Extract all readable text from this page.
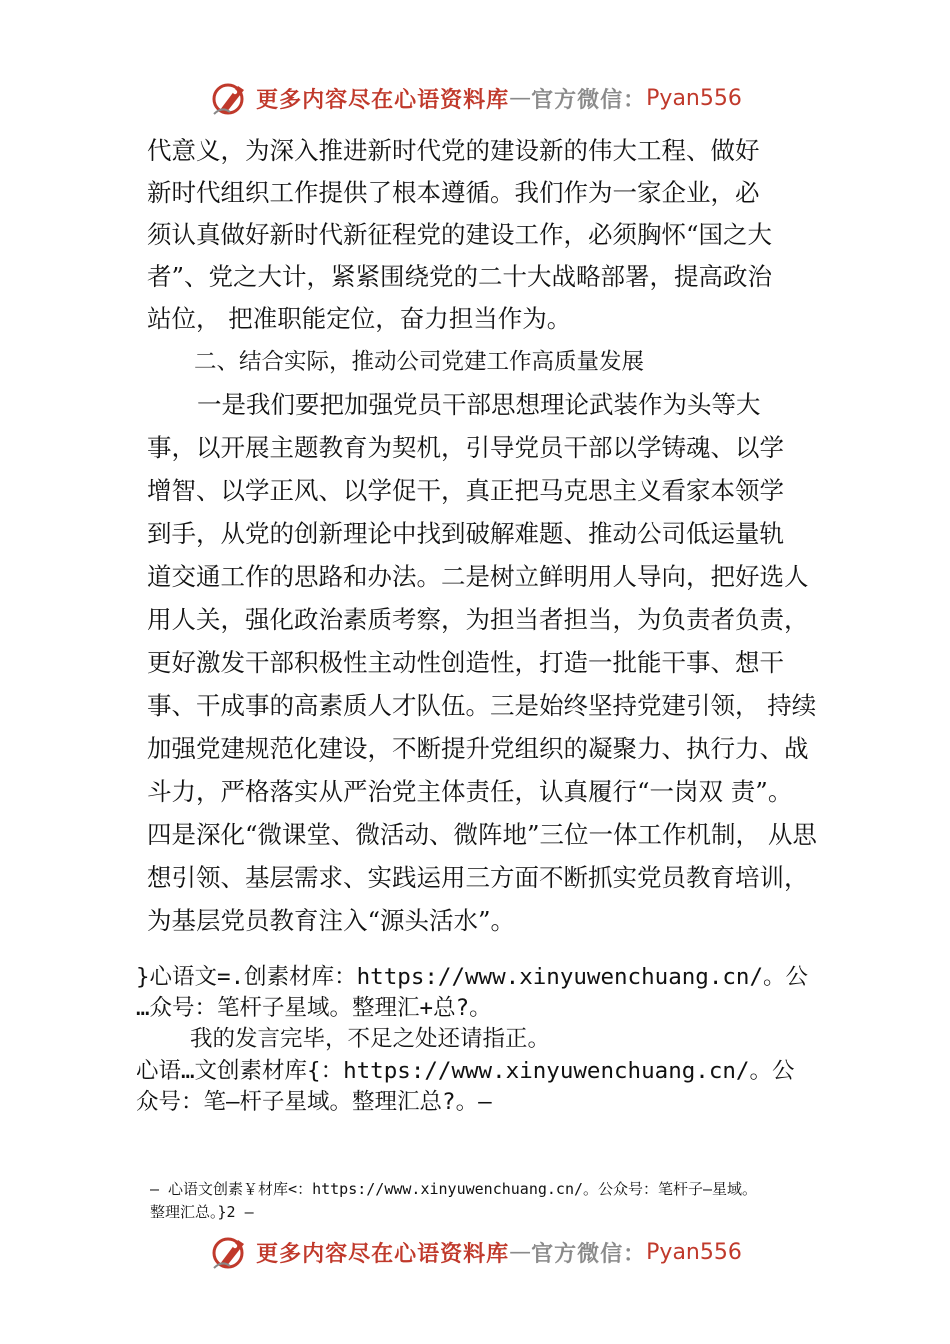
更多内容尽在心语资料库 — 官方微信： Pyan556
代意义，为深入推进新时代党的建设新的伟大工程、做好
新时代组织工作提供了根本遵循。我们作为一家企业，必
须认真做好新时代新征程党的建设工作，必须胸怀“国之大
者”、党之大计，紧紧围绕党的二十大战略部署，提高政治
站位， 把准职能定位，奋力担当作为。
二、结合实际，推动公司党建工作高质量发展
一是我们要把加强党员干部思想理论武装作为头等大
事，以开展主题教育为契机，引导党员干部以学铸魂、以学
增智、以学正风、以学促干，真正把马克思主义看家本领学
到手，从党的创新理论中找到破解难题、推动公司低运量轨
道交通工作的思路和办法。二是树立鲜明用人导向，把好选人
用人关，强化政治素质考察，为担当者担当，为负责者负责，
更好激发干部积极性主动性创造性，打造一批能干事、想干
事、干成事的高素质人才队伍。三是始终坚持党建引领， 持续
加强党建规范化建设，不断提升党组织的凝聚力、执行力、战
斗力，严格落实从严治党主体责任，认真履行“一岗双 责”。
四是深化“微课堂、微活动、微阵地”三位一体工作机制， 从思
想引领、基层需求、实践运用三方面不断抓实党员教育培训，
为基层党员教育注入“源头活水”。
}心语文=.创素材库：https://www.xinyuwenchuang.cn/。公
…众号：笔杆子星域。整理汇+总?。
我的发言完毕，不足之处还请指正。
心语…文创素材库{：https://www.xinyuwenchuang.cn/。公
众号：笔—杆子星域。整理汇总?。—
— 心语文创素￥材库<：https://www.xinyuwenchuang.cn/。公众号：笔杆子—星域。
整理汇总。}2 —
更多内容尽在心语资料库 — 官方微信： Pyan556
